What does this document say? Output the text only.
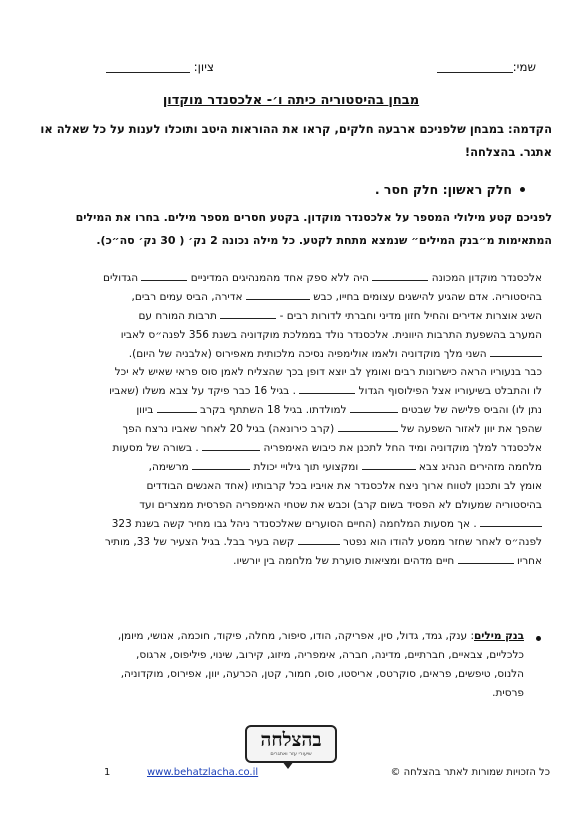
שמי:
ציון:
מבחן בהיסטוריה כיתה ו׳- אלכסנדר מוקדון
הקדמה: במבחן שלפניכם ארבעה חלקים, קראו את ההוראות היטב ותוכלו לענות על כל שאלה או
אתגר. בהצלחה!
חלק ראשון: חלק חסר .
לפניכם קטע מילולי המספר על אלכסנדר מוקדון. בקטע חסרים מספר מילים. בחרו את המילים
המתאימות מ״בנק המילים״ שנמצא מתחת לקטע. כל מילה נכונה 2 נק׳ ( 30 נק׳ סה״כ).
אלכסנדר מוקדון המכונה  היה ללא ספק אחד מהמנהיגים המדיניים  הגדולים
בהיסטוריה. אדם שהגיע להישגים עצומים בחייו, כבש  אדירה, הביס עמים רבים,
השיג אוצרות אדירים והחיל חזון מדיני וחברתי לדורות רבים -  תרבות המורח עם
המערב בהשפעת התרבות היוונית. אלכסנדר נולד בממלכת מוקדוניה בשנת 356 לפנה״ס לאביו
השני מלך מוקדוניה ולאמו אולימפיה נסיכה מלכותית מאפירוס (אלבניה של היום).
כבר בנעוריו הראה כישרונות רבים ואומץ לב יוצא דופן בכך שהצליח לאמן סוס פראי שאיש לא יכל
לו והתבלט בשיעוריו אצל הפילוסוף הגדול  . בגיל 16 כבר פיקד על צבא משלו (שאביו
נתן לו) והביס פלישה של שבטים  למולדתו. בגיל 18 השתתף בקרב  ביוון
שהפך את יוון לאזור השפעה של  (קרב כירונאה) בגיל 20 לאחר שאביו נרצח הפך
אלכסנדר למלך מוקדוניה ומיד החל לתכנן את כיבוש האימפריה  . בשורה של מסעות
מלחמה מזהירים הנהיג צבא  ומקצועי תוך גילויי יכולת  מרשימה,
אומץ לב ותכנון לטווח ארוך ניצח אלכסנדר את אויביו בכל קרבותיו (אחד האנשים הבודדים
בהיסטוריה שמעולם לא הפסיד בשום קרב) וכבש את שטחי האימפריה הפרסית ממצרים ועד
. אך מסעות המלחמה (החיים הסוערים שאלכסנדר ניהל גבו מחיר קשה בשנת 323
לפנה״ס לאחר שחזר ממסע להודו הוא נפטר  קשה בעיר בבל. בגיל הצעיר של 33, מותיר
אחריו  חיים מדהים ומציאות סוערת של מלחמה בין יורשיו.
בנק מילים: ענק, גמד, גדול, סין, אפריקה, הודו, סיפור, מחלה, פיקוד, חוכמה, אנושי, מיומן,
כלכליים, צבאיים, חברתיים, מדינה, חברה, אימפריה, מיזוג, קירוב, שינוי, פיליפוס, ארגוס,
הלנוס, טיפשים, פראים, סוקרטס, אריסטו, סוס, חמור, קטן, הכרעה, יוון, אפירוס, מוקדוניה,
פרסית.
בהצלחה
שיעורי עזר ואתגרים
1	www.behatzlacha.co.il	כל הזכויות שמורות לאתר בהצלחה ©
